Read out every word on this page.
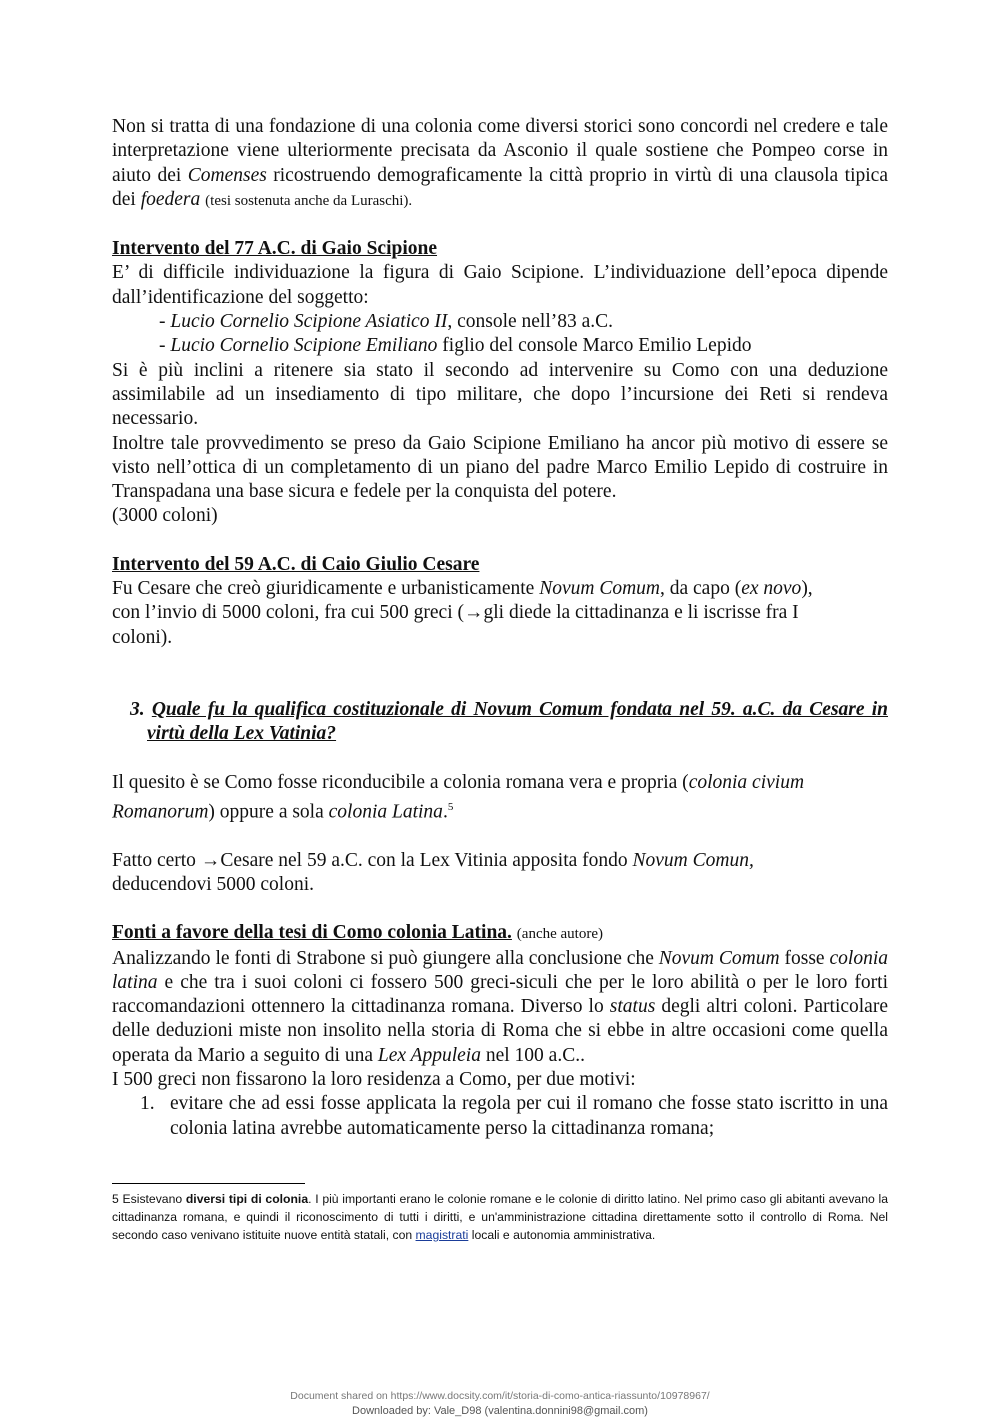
Non si tratta di una fondazione di una colonia come diversi storici sono concordi nel credere e tale interpretazione viene ulteriormente precisata da Asconio il quale sostiene che Pompeo corse in aiuto dei Comenses ricostruendo demograficamente la città proprio in virtù di una clausola tipica dei foedera (tesi sostenuta anche da Luraschi).
Intervento del 77 A.C. di Gaio Scipione
E’ di difficile individuazione la figura di Gaio Scipione. L’individuazione dell’epoca dipende dall’identificazione del soggetto:
- Lucio Cornelio Scipione Asiatico II, console nell’83 a.C.
- Lucio Cornelio Scipione Emiliano figlio del console Marco Emilio Lepido
Si è più inclini a ritenere sia stato il secondo ad intervenire su Como con una deduzione assimilabile ad un insediamento di tipo militare, che dopo l’incursione dei Reti si rendeva necessario.
Inoltre tale provvedimento se preso da Gaio Scipione Emiliano ha ancor più motivo di essere se visto nell’ottica di un completamento di un piano del padre Marco Emilio Lepido di costruire in Transpadana una base sicura e fedele per la conquista del potere.
(3000 coloni)
Intervento del 59 A.C. di Caio Giulio Cesare
Fu Cesare che creò giuridicamente e urbanisticamente Novum Comum, da capo (ex novo),
con l’invio di 5000 coloni, fra cui 500 greci (→gli diede la cittadinanza e li iscrisse fra I
coloni).
3. Quale fu la qualifica costituzionale di Novum Comum fondata nel 59. a.C. da Cesare in virtù della Lex Vatinia?
Il quesito è se Como fosse riconducibile a colonia romana vera e propria (colonia civium Romanorum) oppure a sola colonia Latina.$^5$
Fatto certo →Cesare nel 59 a.C. con la Lex Vitinia apposita fondo Novum Comun,
deducendovi 5000 coloni.
Fonti a favore della tesi di Como colonia Latina. (anche autore)
Analizzando le fonti di Strabone si può giungere alla conclusione che Novum Comum fosse colonia latina e che tra i suoi coloni ci fossero 500 greci-siculi che per le loro abilità o per le loro forti raccomandazioni ottennero la cittadinanza romana. Diverso lo status degli altri coloni. Particolare delle deduzioni miste non insolito nella storia di Roma che si ebbe in altre occasioni come quella operata da Mario a seguito di una Lex Appuleia nel 100 a.C..
I 500 greci non fissarono la loro residenza a Como, per due motivi:
1. evitare che ad essi fosse applicata la regola per cui il romano che fosse stato iscritto in una colonia latina avrebbe automaticamente perso la cittadinanza romana;
5 Esistevano diversi tipi di colonia. I più importanti erano le colonie romane e le colonie di diritto latino. Nel primo caso gli abitanti avevano la cittadinanza romana, e quindi il riconoscimento di tutti i diritti, e un'amministrazione cittadina direttamente sotto il controllo di Roma. Nel secondo caso venivano istituite nuove entità statali, con magistrati locali e autonomia amministrativa.
Document shared on https://www.docsity.com/it/storia-di-como-antica-riassunto/10978967/
Downloaded by: Vale_D98 (valentina.donnini98@gmail.com)
